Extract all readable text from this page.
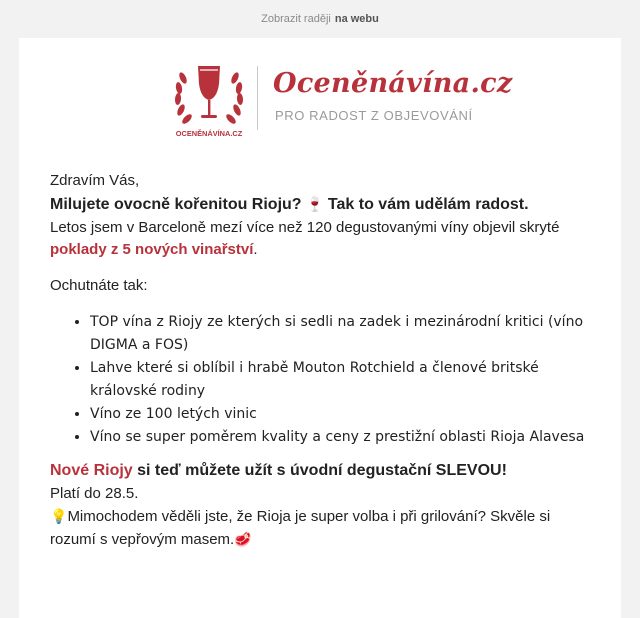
Zobrazit raději na webu
OCENĚNÁVÍNA.CZ
Oceněnávína.cz
PRO RADOST Z OBJEVOVÁNÍ

Zdravím Vás,

Milujete ovocně kořenitou Rioju? 🍷 Tak to vám udělám radost.

Letos jsem v Barceloně mezí více než 120 degustovanými víny objevil skryté poklady z 5 nových vinařství.

Ochutnáte tak:

• TOP vína z Riojy ze kterých si sedli na zadek i mezinárodní kritici (víno DIGMA a FOS)
• Lahve které si oblíbil i hrabě Mouton Rotchield a členové britské královské rodiny
• Víno ze 100 letých vinic
• Víno se super poměrem kvality a ceny z prestižní oblasti Rioja Alavesa

Nové Riojy si teď můžete užít s úvodní degustační SLEVOU!

Platí do 28.5.

💡Mimochodem věděli jste, že Rioja je super volba i při grilování? Skvěle si rozumí s vepřovým masem.🥩
